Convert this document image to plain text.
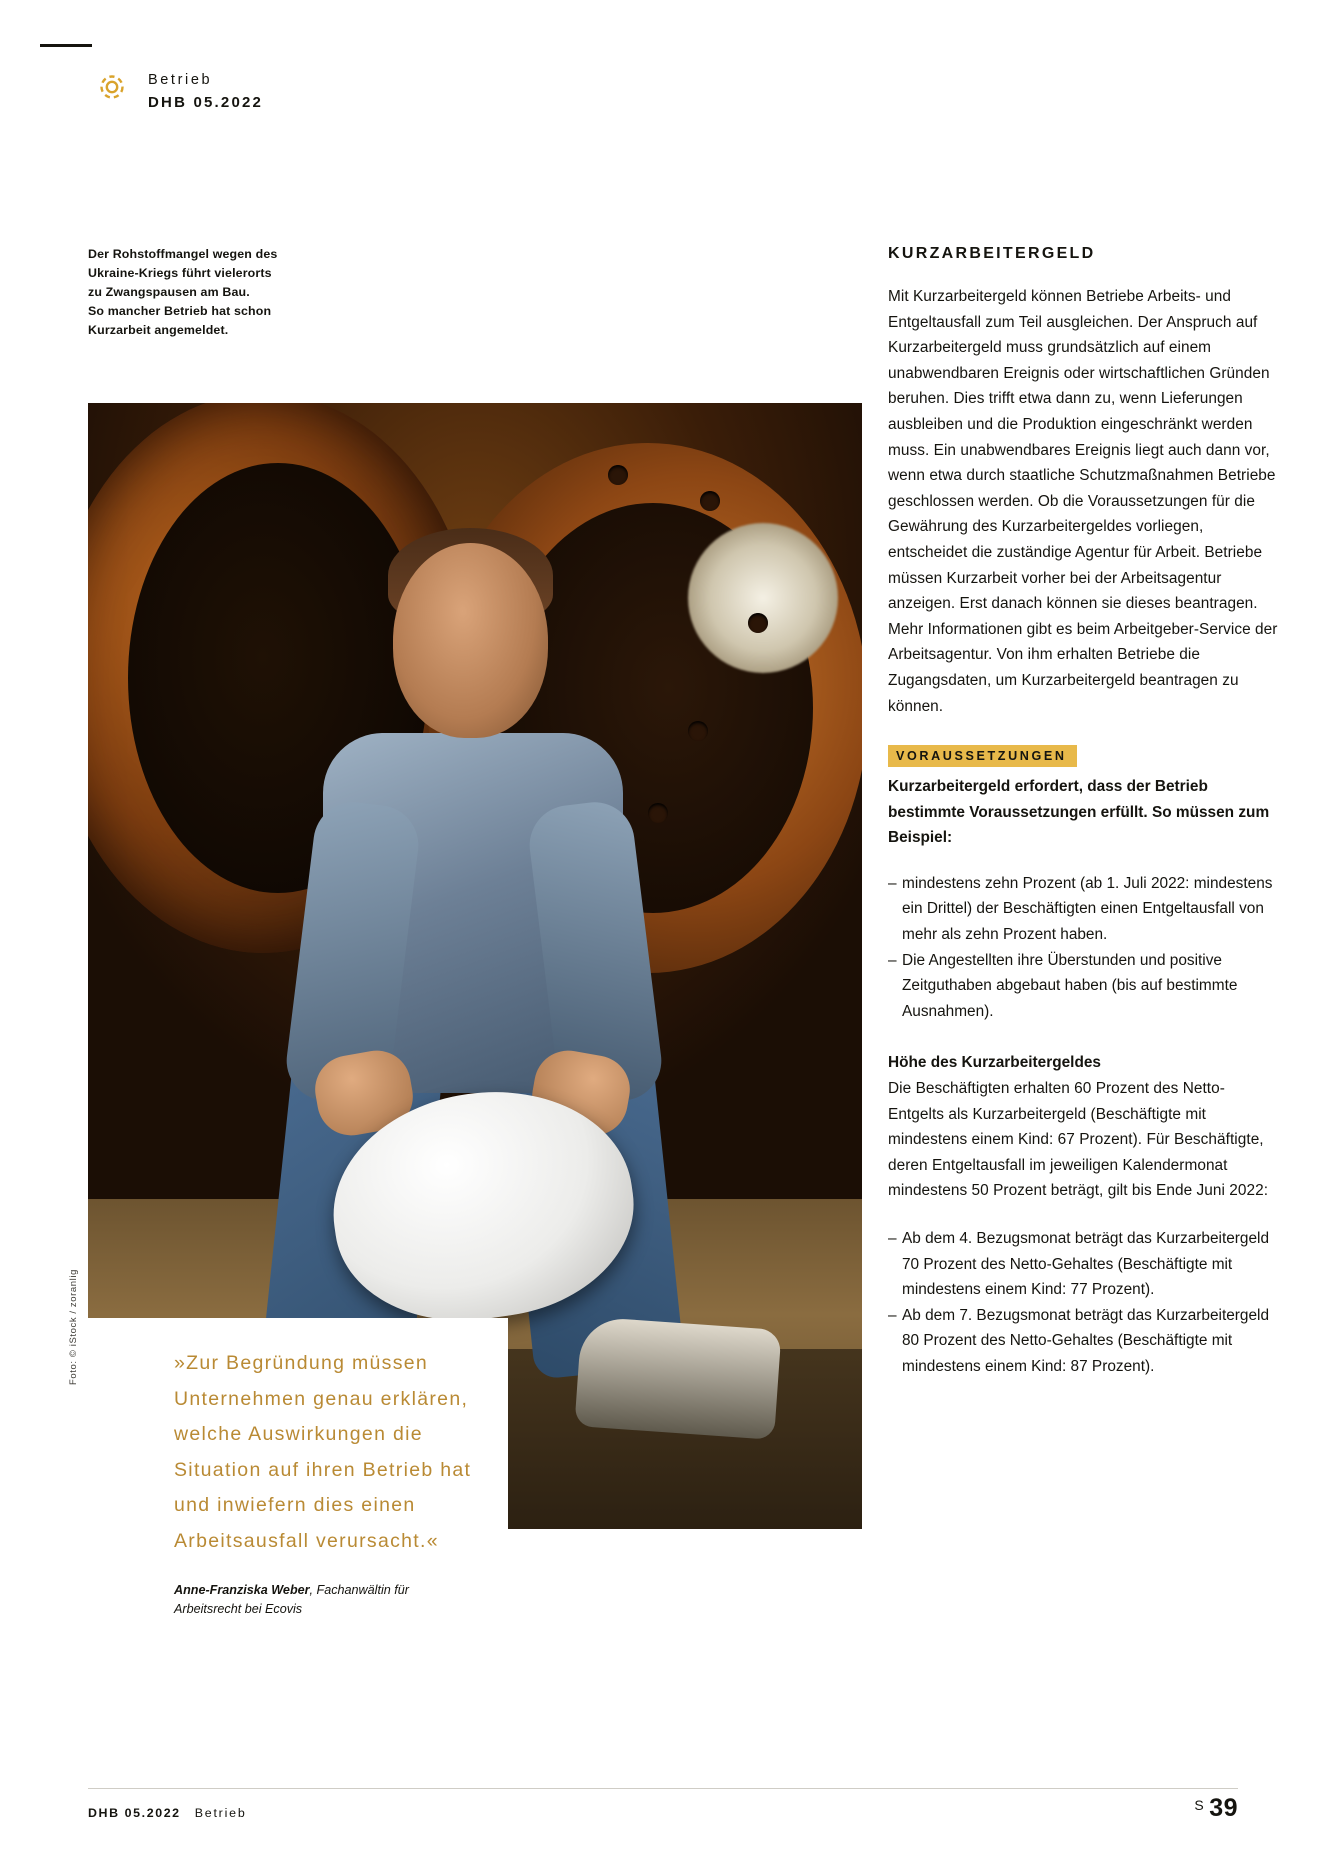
Betrieb
DHB 05.2022
Der Rohstoffmangel wegen des
Ukraine-Kriegs führt vielerorts
zu Zwangspausen am Bau.
So mancher Betrieb hat schon
Kurzarbeit angemeldet.
Foto: © iStock / zoranlig	»Zur Begründung müssen Unternehmen genau erklären, welche Auswirkungen die Situation auf ihren Betrieb hat und inwiefern dies einen Arbeitsausfall verursacht.«
Anne-Franziska Weber, Fachanwältin für Arbeitsrecht bei Ecovis
KURZARBEITERGELD
Mit Kurzarbeitergeld können Betriebe Arbeits- und Entgeltausfall zum Teil ausgleichen. Der Anspruch auf Kurzarbeitergeld muss grundsätzlich auf einem unabwendbaren Ereignis oder wirtschaftlichen Gründen beruhen. Dies trifft etwa dann zu, wenn Lieferungen ausbleiben und die Produktion eingeschränkt werden muss. Ein unabwendbares Ereignis liegt auch dann vor, wenn etwa durch staatliche Schutzmaßnahmen Betriebe geschlossen werden. Ob die Voraussetzungen für die Gewährung des Kurzarbeitergeldes vorliegen, entscheidet die zuständige Agentur für Arbeit. Betriebe müssen Kurzarbeit vorher bei der Arbeitsagentur anzeigen. Erst danach können sie dieses beantragen. Mehr Informationen gibt es beim Arbeitgeber-Service der Arbeitsagentur. Von ihm erhalten Betriebe die Zugangsdaten, um Kurzarbeitergeld beantragen zu können.
VORAUSSETZUNGEN
Kurzarbeitergeld erfordert, dass der Betrieb bestimmte Voraussetzungen erfüllt. So müssen zum Beispiel:
– mindestens zehn Prozent (ab 1. Juli 2022: mindestens ein Drittel) der Beschäftigten einen Entgeltausfall von mehr als zehn Prozent haben.
– Die Angestellten ihre Überstunden und positive Zeitguthaben abgebaut haben (bis auf bestimmte Ausnahmen).
Höhe des Kurzarbeitergeldes
Die Beschäftigten erhalten 60 Prozent des Netto-Entgelts als Kurzarbeitergeld (Beschäftigte mit mindestens einem Kind: 67 Prozent). Für Beschäftigte, deren Entgeltausfall im jeweiligen Kalendermonat mindestens 50 Prozent beträgt, gilt bis Ende Juni 2022:
– Ab dem 4. Bezugsmonat beträgt das Kurzarbeitergeld 70 Prozent des Netto-Gehaltes (Beschäftigte mit mindestens einem Kind: 77 Prozent).
– Ab dem 7. Bezugsmonat beträgt das Kurzarbeitergeld 80 Prozent des Netto-Gehaltes (Beschäftigte mit mindestens einem Kind: 87 Prozent).
DHB 05.2022 Betrieb	S 39
